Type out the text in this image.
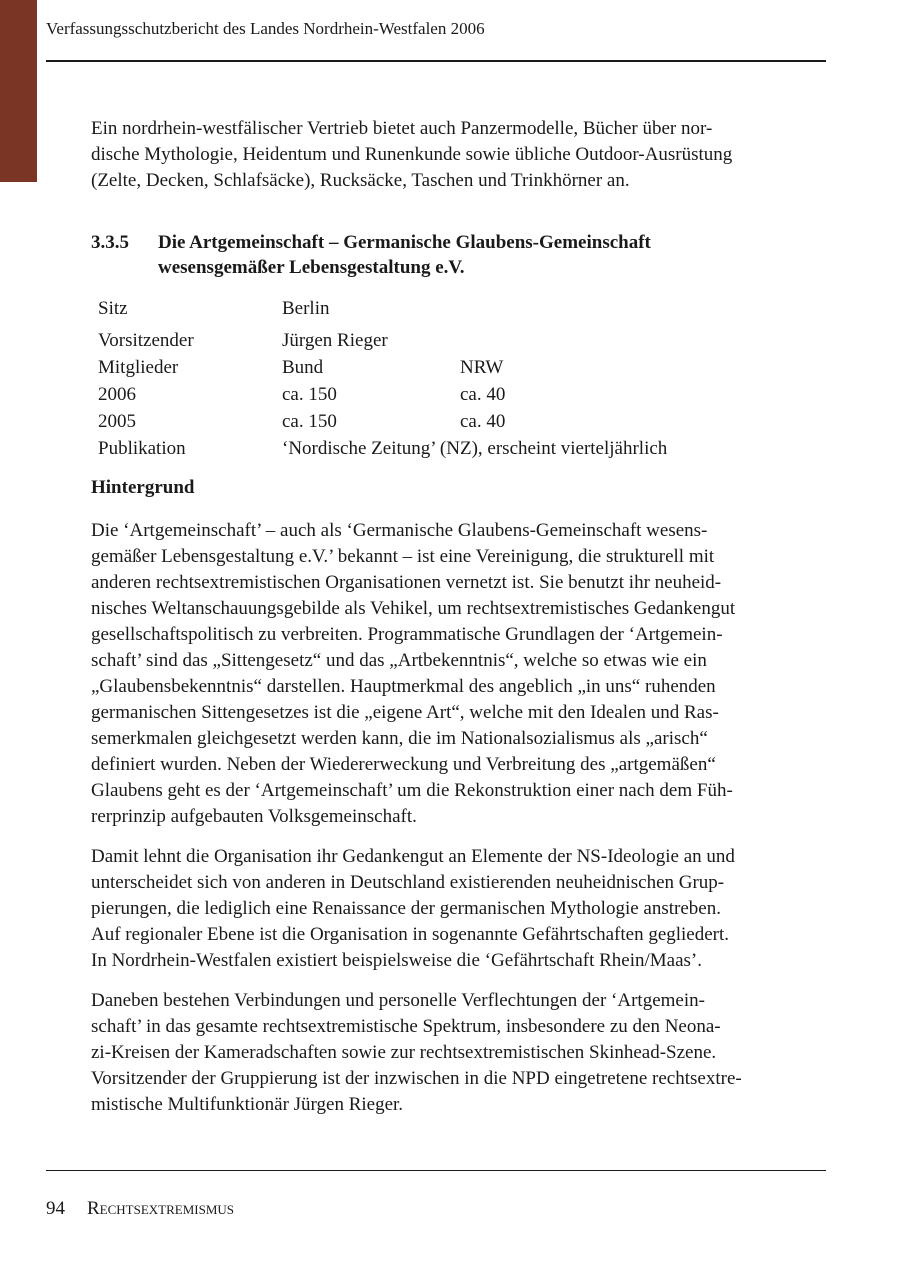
Verfassungsschutzbericht des Landes Nordrhein-Westfalen 2006
Ein nordrhein-westfälischer Vertrieb bietet auch Panzermodelle, Bücher über nor-
dische Mythologie, Heidentum und Runenkunde sowie übliche Outdoor-Ausrüstung
(Zelte, Decken, Schlafsäcke), Rucksäcke, Taschen und Trinkhörner an.
3.3.5	Die Artgemeinschaft – Germanische Glaubens-Gemeinschaft
wesensgemäßer Lebensgestaltung e.V.
Sitz	Berlin	
Vorsitzender	Jürgen Rieger	
Mitglieder	Bund	NRW
2006	ca. 150	ca. 40
2005	ca. 150	ca. 40
Publikation	‘Nordische Zeitung’ (NZ), erscheint vierteljährlich	
Hintergrund
Die ‘Artgemeinschaft’ – auch als ‘Germanische Glaubens-Gemeinschaft wesens-
gemäßer Lebensgestaltung e.V.’ bekannt – ist eine Vereinigung, die strukturell mit
anderen rechtsextremistischen Organisationen vernetzt ist. Sie benutzt ihr neuheid-
nisches Weltanschauungsgebilde als Vehikel, um rechtsextremistisches Gedankengut
gesellschaftspolitisch zu verbreiten. Programmatische Grundlagen der ‘Artgemein-
schaft’ sind das „Sittengesetz“ und das „Artbekenntnis“, welche so etwas wie ein
„Glaubensbekenntnis“ darstellen. Hauptmerkmal des angeblich „in uns“ ruhenden
germanischen Sittengesetzes ist die „eigene Art“, welche mit den Idealen und Ras-
semerkmalen gleichgesetzt werden kann, die im Nationalsozialismus als „arisch“
definiert wurden. Neben der Wiedererweckung und Verbreitung des „artgemäßen“
Glaubens geht es der ‘Artgemeinschaft’ um die Rekonstruktion einer nach dem Füh-
rerprinzip aufgebauten Volksgemeinschaft.
Damit lehnt die Organisation ihr Gedankengut an Elemente der NS-Ideologie an und
unterscheidet sich von anderen in Deutschland existierenden neuheidnischen Grup-
pierungen, die lediglich eine Renaissance der germanischen Mythologie anstreben.
Auf regionaler Ebene ist die Organisation in sogenannte Gefährtschaften gegliedert.
In Nordrhein-Westfalen existiert beispielsweise die ‘Gefährtschaft Rhein/Maas’.
Daneben bestehen Verbindungen und personelle Verflechtungen der ‘Artgemein-
schaft’ in das gesamte rechtsextremistische Spektrum, insbesondere zu den Neona-
zi-Kreisen der Kameradschaften sowie zur rechtsextremistischen Skinhead-Szene.
Vorsitzender der Gruppierung ist der inzwischen in die NPD eingetretene rechtsextre-
mistische Multifunktionär Jürgen Rieger.
94 Rechtsextremismus
